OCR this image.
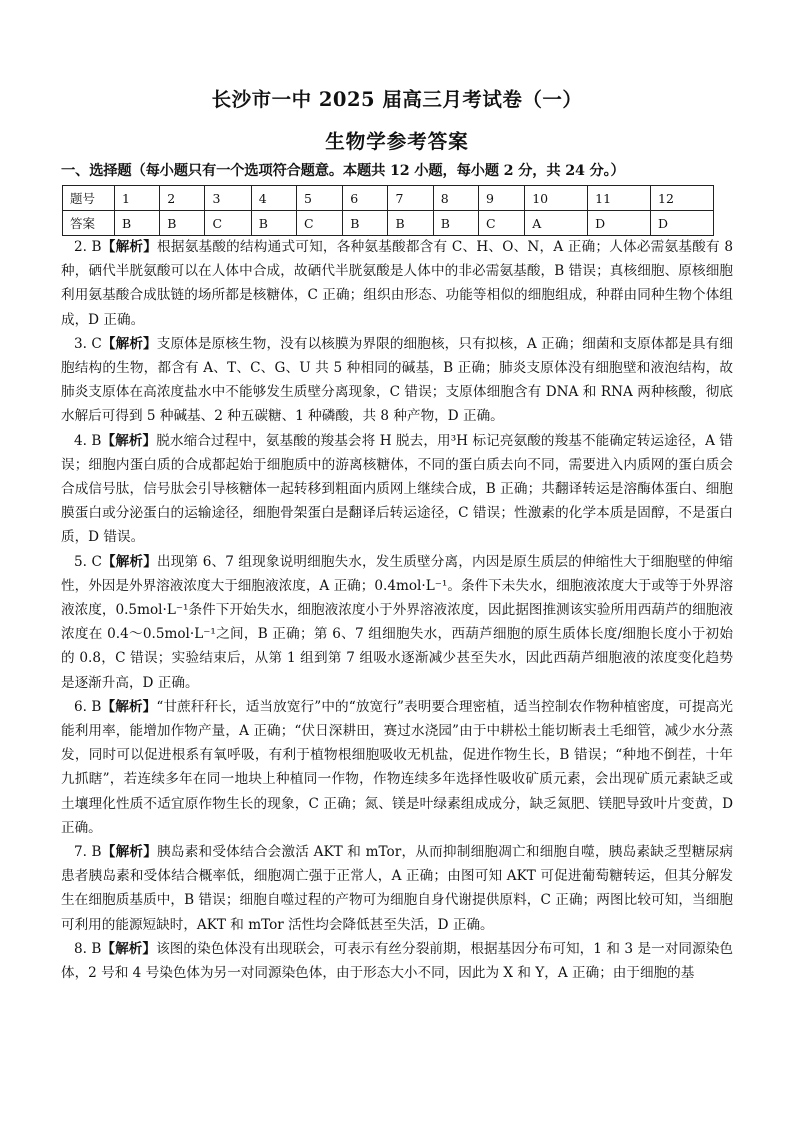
长沙市一中 2025 届高三月考试卷（一）
生物学参考答案
一、选择题（每小题只有一个选项符合题意。本题共 12 小题，每小题 2 分，共 24 分。）
题号	1	2	3	4	5	6	7	8	9	10	11	12
答案	B	B	C	B	C	B	B	B	C	A	D	D

2. B【解析】根据氨基酸的结构通式可知，各种氨基酸都含有 C、H、O、N，A 正确；人体必需氨基酸有 8 种，硒代半胱氨酸可以在人体中合成，故硒代半胱氨酸是人体中的非必需氨基酸，B 错误；真核细胞、原核细胞利用氨基酸合成肽链的场所都是核糖体，C 正确；组织由形态、功能等相似的细胞组成，种群由同种生物个体组成，D 正确。

3. C【解析】支原体是原核生物，没有以核膜为界限的细胞核，只有拟核，A 正确；细菌和支原体都是具有细胞结构的生物，都含有 A、T、C、G、U 共 5 种相同的碱基，B 正确；肺炎支原体没有细胞壁和液泡结构，故肺炎支原体在高浓度盐水中不能够发生质壁分离现象，C 错误；支原体细胞含有 DNA 和 RNA 两种核酸，彻底水解后可得到 5 种碱基、2 种五碳糖、1 种磷酸，共 8 种产物，D 正确。

4. B【解析】脱水缩合过程中，氨基酸的羧基会将 H 脱去，用³H 标记亮氨酸的羧基不能确定转运途径，A 错误；细胞内蛋白质的合成都起始于细胞质中的游离核糖体，不同的蛋白质去向不同，需要进入内质网的蛋白质会合成信号肽，信号肽会引导核糖体一起转移到粗面内质网上继续合成，B 正确；共翻译转运是溶酶体蛋白、细胞膜蛋白或分泌蛋白的运输途径，细胞骨架蛋白是翻译后转运途径，C 错误；性激素的化学本质是固醇，不是蛋白质，D 错误。

5. C【解析】出现第 6、7 组现象说明细胞失水，发生质壁分离，内因是原生质层的伸缩性大于细胞壁的伸缩性，外因是外界溶液浓度大于细胞液浓度，A 正确；0.4mol·L⁻¹。条件下未失水，细胞液浓度大于或等于外界溶液浓度，0.5mol·L⁻¹条件下开始失水，细胞液浓度小于外界溶液浓度，因此据图推测该实验所用西葫芦的细胞液浓度在 0.4～0.5mol·L⁻¹之间，B 正确；第 6、7 组细胞失水，西葫芦细胞的原生质体长度/细胞长度小于初始的 0.8，C 错误；实验结束后，从第 1 组到第 7 组吸水逐渐减少甚至失水，因此西葫芦细胞液的浓度变化趋势是逐渐升高，D 正确。

6. B【解析】“甘蔗秆秆长，适当放宽行”中的“放宽行”表明要合理密植，适当控制农作物种植密度，可提高光能利用率，能增加作物产量，A 正确；“伏日深耕田，赛过水浇园”由于中耕松土能切断表土毛细管，减少水分蒸发，同时可以促进根系有氧呼吸，有利于植物根细胞吸收无机盐，促进作物生长，B 错误；“种地不倒茬，十年九抓瞎”，若连续多年在同一地块上种植同一作物，作物连续多年选择性吸收矿质元素，会出现矿质元素缺乏或土壤理化性质不适宜原作物生长的现象，C 正确；氮、镁是叶绿素组成成分，缺乏氮肥、镁肥导致叶片变黄，D 正确。

7. B【解析】胰岛素和受体结合会激活 AKT 和 mTor，从而抑制细胞凋亡和细胞自噬，胰岛素缺乏型糖尿病患者胰岛素和受体结合概率低，细胞凋亡强于正常人，A 正确；由图可知 AKT 可促进葡萄糖转运，但其分解发生在细胞质基质中，B 错误；细胞自噬过程的产物可为细胞自身代谢提供原料，C 正确；两图比较可知，当细胞可利用的能源短缺时，AKT 和 mTor 活性均会降低甚至失活，D 正确。

8. B【解析】该图的染色体没有出现联会，可表示有丝分裂前期，根据基因分布可知，1 和 3 是一对同源染色体，2 号和 4 号染色体为另一对同源染色体，由于形态大小不同，因此为 X 和 Y，A 正确；由于细胞的基
